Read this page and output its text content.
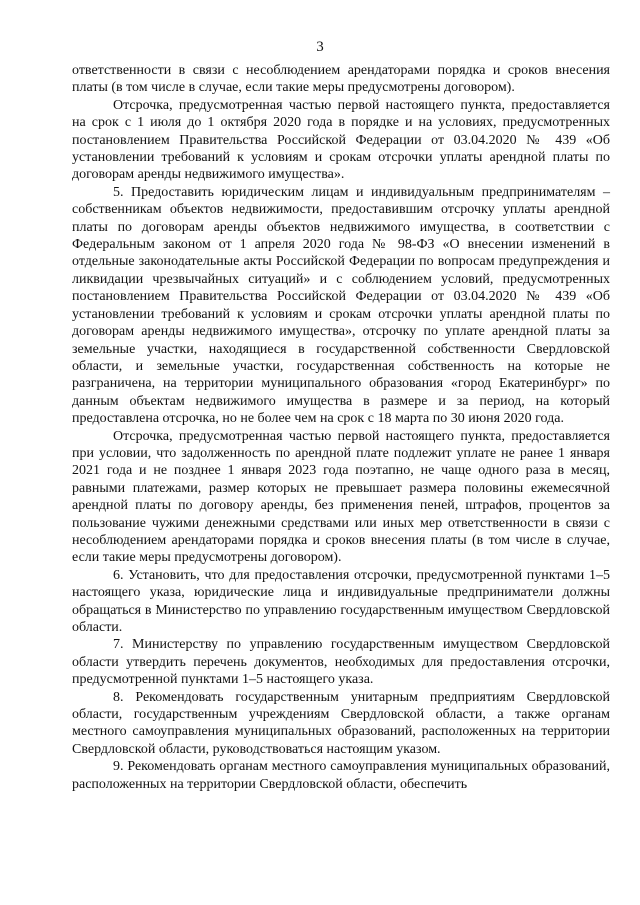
3

ответственности в связи с несоблюдением арендаторами порядка и сроков внесения платы (в том числе в случае, если такие меры предусмотрены договором).

Отсрочка, предусмотренная частью первой настоящего пункта, предоставляется на срок с 1 июля до 1 октября 2020 года в порядке и на условиях, предусмотренных постановлением Правительства Российской Федерации от 03.04.2020 № 439 «Об установлении требований к условиям и срокам отсрочки уплаты арендной платы по договорам аренды недвижимого имущества».

5. Предоставить юридическим лицам и индивидуальным предпринимателям – собственникам объектов недвижимости, предоставившим отсрочку уплаты арендной платы по договорам аренды объектов недвижимого имущества, в соответствии с Федеральным законом от 1 апреля 2020 года № 98-ФЗ «О внесении изменений в отдельные законодательные акты Российской Федерации по вопросам предупреждения и ликвидации чрезвычайных ситуаций» и с соблюдением условий, предусмотренных постановлением Правительства Российской Федерации от 03.04.2020 № 439 «Об установлении требований к условиям и срокам отсрочки уплаты арендной платы по договорам аренды недвижимого имущества», отсрочку по уплате арендной платы за земельные участки, находящиеся в государственной собственности Свердловской области, и земельные участки, государственная собственность на которые не разграничена, на территории муниципального образования «город Екатеринбург» по данным объектам недвижимого имущества в размере и за период, на который предоставлена отсрочка, но не более чем на срок с 18 марта по 30 июня 2020 года.

Отсрочка, предусмотренная частью первой настоящего пункта, предоставляется при условии, что задолженность по арендной плате подлежит уплате не ранее 1 января 2021 года и не позднее 1 января 2023 года поэтапно, не чаще одного раза в месяц, равными платежами, размер которых не превышает размера половины ежемесячной арендной платы по договору аренды, без применения пеней, штрафов, процентов за пользование чужими денежными средствами или иных мер ответственности в связи с несоблюдением арендаторами порядка и сроков внесения платы (в том числе в случае, если такие меры предусмотрены договором).

6. Установить, что для предоставления отсрочки, предусмотренной пунктами 1–5 настоящего указа, юридические лица и индивидуальные предприниматели должны обращаться в Министерство по управлению государственным имуществом Свердловской области.

7. Министерству по управлению государственным имуществом Свердловской области утвердить перечень документов, необходимых для предоставления отсрочки, предусмотренной пунктами 1–5 настоящего указа.

8. Рекомендовать государственным унитарным предприятиям Свердловской области, государственным учреждениям Свердловской области, а также органам местного самоуправления муниципальных образований, расположенных на территории Свердловской области, руководствоваться настоящим указом.

9. Рекомендовать органам местного самоуправления муниципальных образований, расположенных на территории Свердловской области, обеспечить
